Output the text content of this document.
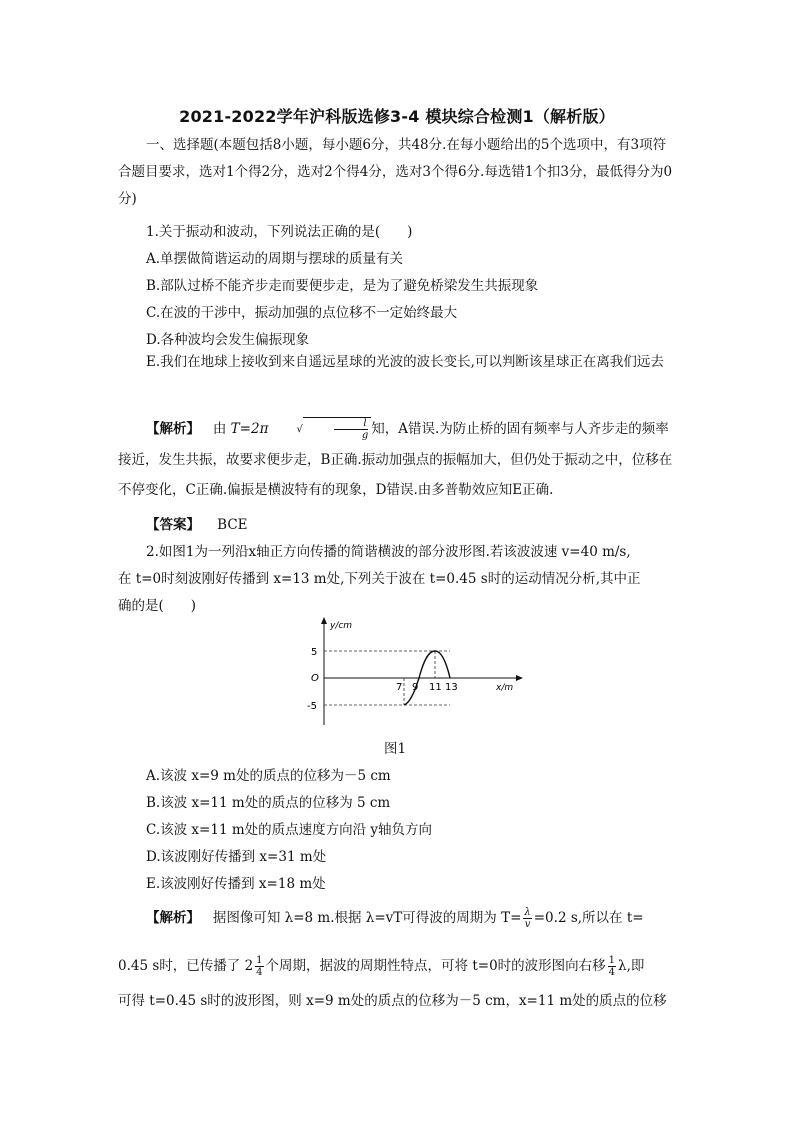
2021-2022学年沪科版选修3-4 模块综合检测1（解析版）
一、选择题(本题包括8小题，每小题6分，共48分.在每小题给出的5个选项中，有3项符合题目要求，选对1个得2分，选对2个得4分，选对3个得6分.每选错1个扣3分，最低得分为0分)
1.关于振动和波动，下列说法正确的是(　　)
A.单摆做简谐运动的周期与摆球的质量有关
B.部队过桥不能齐步走而要便步走，是为了避免桥梁发生共振现象
C.在波的干涉中，振动加强的点位移不一定始终最大
D.各种波均会发生偏振现象
E.我们在地球上接收到来自遥远星球的光波的波长变长,可以判断该星球正在离我们远去
【解析】 由 T=2π	√	$\frac{l}{g}$ 知，A错误.为防止桥的固有频率与人齐步走的频率接近，发生共振，故要求便步走，B正确.振动加强点的振幅加大，但仍处于振动之中，位移在不停变化，C正确.偏振是横波特有的现象，D错误.由多普勒效应知E正确.
【答案】 BCE
2.如图1为一列沿x轴正方向传播的简谐横波的部分波形图.若该波波速 v=40 m/s,
在 t=0时刻波刚好传播到 x=13 m处,下列关于波在 t=0.45 s时的运动情况分析,其中正
确的是(　　)
y/cm
x/m
O
5
-5
7 9 11 13
图1
A.该波 x=9 m处的质点的位移为－5 cm
B.该波 x=11 m处的质点的位移为 5 cm
C.该波 x=11 m处的质点速度方向沿 y轴负方向
D.该波刚好传播到 x=31 m处
E.该波刚好传播到 x=18 m处
【解析】 据图像可知 λ=8 m.根据 λ=vT可得波的周期为 $T= \frac{\lambda}{v} =0.2$ s,所以在 t=
0.45 s时，已传播了 $2 \frac{1}{4}$ 个周期，据波的周期性特点，可将 t=0时的波形图向右移 $\frac{1}{4} \lambda$,即
可得 t=0.45 s时的波形图，则 x=9 m处的质点的位移为－5 cm，x=11 m处的质点的位移
